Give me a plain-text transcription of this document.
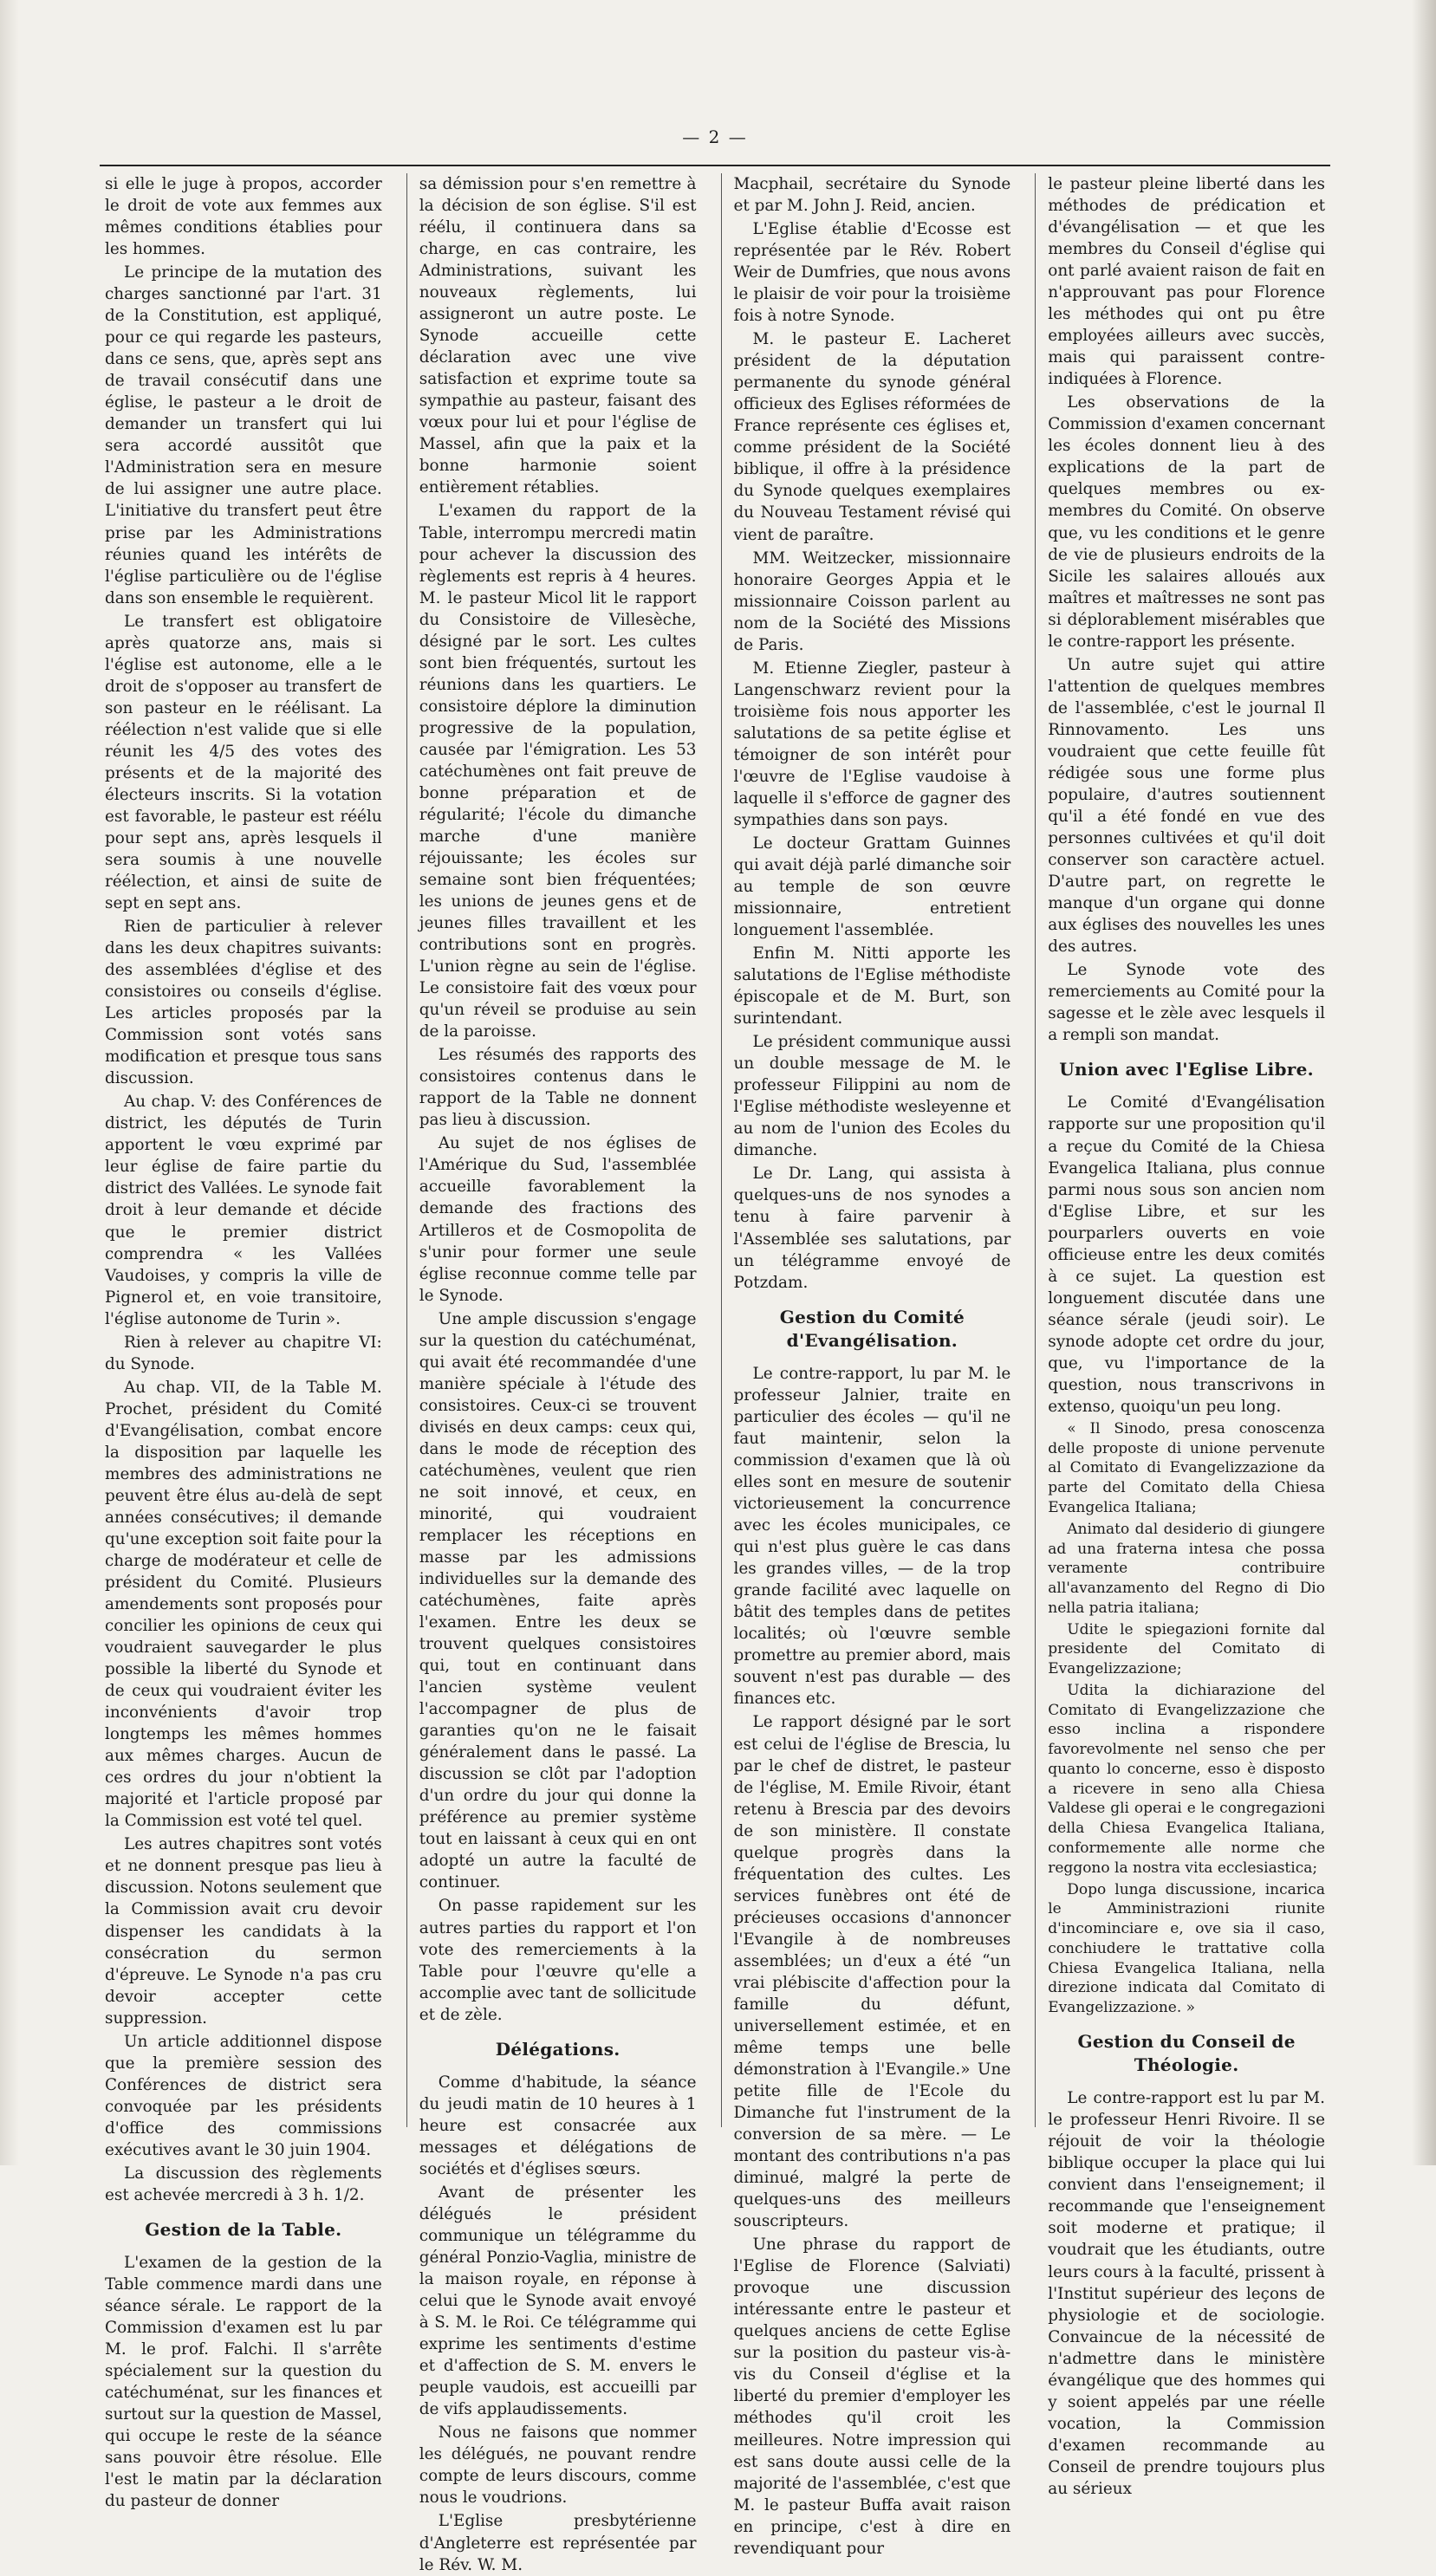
— 2 —

si elle le juge à propos, accorder le droit de vote aux femmes aux mêmes conditions établies pour les hommes.

Le principe de la mutation des charges sanctionné par l'art. 31 de la Constitution, est appliqué, pour ce qui regarde les pasteurs, dans ce sens, que, après sept ans de travail consécutif dans une église, le pasteur a le droit de demander un transfert qui lui sera accordé aussitôt que l'Administration sera en mesure de lui assigner une autre place. L'initiative du transfert peut être prise par les Administrations réunies quand les intérêts de l'église particulière ou de l'église dans son ensemble le requièrent.

Le transfert est obligatoire après quatorze ans, mais si l'église est autonome, elle a le droit de s'opposer au transfert de son pasteur en le réélisant. La réélection n'est valide que si elle réunit les 4/5 des votes des présents et de la majorité des électeurs inscrits. Si la votation est favorable, le pasteur est réélu pour sept ans, après lesquels il sera soumis à une nouvelle réélection, et ainsi de suite de sept en sept ans.

Rien de particulier à relever dans les deux chapitres suivants: des assemblées d'église et des consistoires ou conseils d'église. Les articles proposés par la Commission sont votés sans modification et presque tous sans discussion.

Au chap. V: des Conférences de district, les députés de Turin apportent le vœu exprimé par leur église de faire partie du district des Vallées. Le synode fait droit à leur demande et décide que le premier district comprendra « les Vallées Vaudoises, y compris la ville de Pignerol et, en voie transitoire, l'église autonome de Turin ».

Rien à relever au chapitre VI: du Synode.

Au chap. VII, de la Table M. Prochet, président du Comité d'Evangélisation, combat encore la disposition par laquelle les membres des administrations ne peuvent être élus au-delà de sept années consécutives; il demande qu'une exception soit faite pour la charge de modérateur et celle de président du Comité. Plusieurs amendements sont proposés pour concilier les opinions de ceux qui voudraient sauvegarder le plus possible la liberté du Synode et de ceux qui voudraient éviter les inconvénients d'avoir trop longtemps les mêmes hommes aux mêmes charges. Aucun de ces ordres du jour n'obtient la majorité et l'article proposé par la Commission est voté tel quel.

Les autres chapitres sont votés et ne donnent presque pas lieu à discussion. Notons seulement que la Commission avait cru devoir dispenser les candidats à la consécration du sermon d'épreuve. Le Synode n'a pas cru devoir accepter cette suppression.

Un article additionnel dispose que la première session des Conférences de district sera convoquée par les présidents d'office des commissions exécutives avant le 30 juin 1904.

La discussion des règlements est achevée mercredi à 3 h. 1/2.

Gestion de la Table.

L'examen de la gestion de la Table commence mardi dans une séance sérale. Le rapport de la Commission d'examen est lu par M. le prof. Falchi. Il s'arrête spécialement sur la question du catéchuménat, sur les finances et surtout sur la question de Massel, qui occupe le reste de la séance sans pouvoir être résolue. Elle l'est le matin par la déclaration du pasteur de donner

sa démission pour s'en remettre à la décision de son église. S'il est réélu, il continuera dans sa charge, en cas contraire, les Administrations, suivant les nouveaux règlements, lui assigneront un autre poste. Le Synode accueille cette déclaration avec une vive satisfaction et exprime toute sa sympathie au pasteur, faisant des vœux pour lui et pour l'église de Massel, afin que la paix et la bonne harmonie soient entièrement rétablies.

L'examen du rapport de la Table, interrompu mercredi matin pour achever la discussion des règlements est repris à 4 heures. M. le pasteur Micol lit le rapport du Consistoire de Villesèche, désigné par le sort. Les cultes sont bien fréquentés, surtout les réunions dans les quartiers. Le consistoire déplore la diminution progressive de la population, causée par l'émigration. Les 53 catéchumènes ont fait preuve de bonne préparation et de régularité; l'école du dimanche marche d'une manière réjouissante; les écoles sur semaine sont bien fréquentées; les unions de jeunes gens et de jeunes filles travaillent et les contributions sont en progrès. L'union règne au sein de l'église. Le consistoire fait des vœux pour qu'un réveil se produise au sein de la paroisse.

Les résumés des rapports des consistoires contenus dans le rapport de la Table ne donnent pas lieu à discussion.

Au sujet de nos églises de l'Amérique du Sud, l'assemblée accueille favorablement la demande des fractions des Artilleros et de Cosmopolita de s'unir pour former une seule église reconnue comme telle par le Synode.

Une ample discussion s'engage sur la question du catéchuménat, qui avait été recommandée d'une manière spéciale à l'étude des consistoires. Ceux-ci se trouvent divisés en deux camps: ceux qui, dans le mode de réception des catéchumènes, veulent que rien ne soit innové, et ceux, en minorité, qui voudraient remplacer les réceptions en masse par les admissions individuelles sur la demande des catéchumènes, faite après l'examen. Entre les deux se trouvent quelques consistoires qui, tout en continuant dans l'ancien système veulent l'accompagner de plus de garanties qu'on ne le faisait généralement dans le passé. La discussion se clôt par l'adoption d'un ordre du jour qui donne la préférence au premier système tout en laissant à ceux qui en ont adopté un autre la faculté de continuer.

On passe rapidement sur les autres parties du rapport et l'on vote des remerciements à la Table pour l'œuvre qu'elle a accomplie avec tant de sollicitude et de zèle.

Délégations.

Comme d'habitude, la séance du jeudi matin de 10 heures à 1 heure est consacrée aux messages et délégations de sociétés et d'églises sœurs.

Avant de présenter les délégués le président communique un télégramme du général Ponzio-Vaglia, ministre de la maison royale, en réponse à celui que le Synode avait envoyé à S. M. le Roi. Ce télégramme qui exprime les sentiments d'estime et d'affection de S. M. envers le peuple vaudois, est accueilli par de vifs applaudissements.

Nous ne faisons que nommer les délégués, ne pouvant rendre compte de leurs discours, comme nous le voudrions.

L'Eglise presbytérienne d'Angleterre est représentée par le Rév. W. M.

Macphail, secrétaire du Synode et par M. John J. Reid, ancien.

L'Eglise établie d'Ecosse est représentée par le Rév. Robert Weir de Dumfries, que nous avons le plaisir de voir pour la troisième fois à notre Synode.

M. le pasteur E. Lacheret président de la députation permanente du synode général officieux des Eglises réformées de France représente ces églises et, comme président de la Société biblique, il offre à la présidence du Synode quelques exemplaires du Nouveau Testament révisé qui vient de paraître.

MM. Weitzecker, missionnaire honoraire Georges Appia et le missionnaire Coisson parlent au nom de la Société des Missions de Paris.

M. Etienne Ziegler, pasteur à Langenschwarz revient pour la troisième fois nous apporter les salutations de sa petite église et témoigner de son intérêt pour l'œuvre de l'Eglise vaudoise à laquelle il s'efforce de gagner des sympathies dans son pays.

Le docteur Grattam Guinnes qui avait déjà parlé dimanche soir au temple de son œuvre missionnaire, entretient longuement l'assemblée.

Enfin M. Nitti apporte les salutations de l'Eglise méthodiste épiscopale et de M. Burt, son surintendant.

Le président communique aussi un double message de M. le professeur Filippini au nom de l'Eglise méthodiste wesleyenne et au nom de l'union des Ecoles du dimanche.

Le Dr. Lang, qui assista à quelques-uns de nos synodes a tenu à faire parvenir à l'Assemblée ses salutations, par un télégramme envoyé de Potzdam.

Gestion du Comité d'Evangélisation.

Le contre-rapport, lu par M. le professeur Jalnier, traite en particulier des écoles — qu'il ne faut maintenir, selon la commission d'examen que là où elles sont en mesure de soutenir victorieusement la concurrence avec les écoles municipales, ce qui n'est plus guère le cas dans les grandes villes, — de la trop grande facilité avec laquelle on bâtit des temples dans de petites localités; où l'œuvre semble promettre au premier abord, mais souvent n'est pas durable — des finances etc.

Le rapport désigné par le sort est celui de l'église de Brescia, lu par le chef de distret, le pasteur de l'église, M. Emile Rivoir, étant retenu à Brescia par des devoirs de son ministère. Il constate quelque progrès dans la fréquentation des cultes. Les services funèbres ont été de précieuses occasions d'annoncer l'Evangile à de nombreuses assemblées; un d'eux a été “un vrai plébiscite d'affection pour la famille du défunt, universellement estimée, et en même temps une belle démonstration à l'Evangile.» Une petite fille de l'Ecole du Dimanche fut l'instrument de la conversion de sa mère. — Le montant des contributions n'a pas diminué, malgré la perte de quelques-uns des meilleurs souscripteurs.

Une phrase du rapport de l'Eglise de Florence (Salviati) provoque une discussion intéressante entre le pasteur et quelques anciens de cette Eglise sur la position du pasteur vis-à-vis du Conseil d'église et la liberté du premier d'employer les méthodes qu'il croit les meilleures. Notre impression qui est sans doute aussi celle de la majorité de l'assemblée, c'est que M. le pasteur Buffa avait raison en principe, c'est à dire en revendiquant pour

le pasteur pleine liberté dans les méthodes de prédication et d'évangélisation — et que les membres du Conseil d'église qui ont parlé avaient raison de fait en n'approuvant pas pour Florence les méthodes qui ont pu être employées ailleurs avec succès, mais qui paraissent contre-indiquées à Florence.

Les observations de la Commission d'examen concernant les écoles donnent lieu à des explications de la part de quelques membres ou ex-membres du Comité. On observe que, vu les conditions et le genre de vie de plusieurs endroits de la Sicile les salaires alloués aux maîtres et maîtresses ne sont pas si déplorablement misérables que le contre-rapport les présente.

Un autre sujet qui attire l'attention de quelques membres de l'assemblée, c'est le journal Il Rinnovamento. Les uns voudraient que cette feuille fût rédigée sous une forme plus populaire, d'autres soutiennent qu'il a été fondé en vue des personnes cultivées et qu'il doit conserver son caractère actuel. D'autre part, on regrette le manque d'un organe qui donne aux églises des nouvelles les unes des autres.

Le Synode vote des remerciements au Comité pour la sagesse et le zèle avec lesquels il a rempli son mandat.

Union avec l'Eglise Libre.

Le Comité d'Evangélisation rapporte sur une proposition qu'il a reçue du Comité de la Chiesa Evangelica Italiana, plus connue parmi nous sous son ancien nom d'Eglise Libre, et sur les pourparlers ouverts en voie officieuse entre les deux comités à ce sujet. La question est longuement discutée dans une séance sérale (jeudi soir). Le synode adopte cet ordre du jour, que, vu l'importance de la question, nous transcrivons in extenso, quoiqu'un peu long.

« Il Sinodo, presa conoscenza delle proposte di unione pervenute al Comitato di Evangelizzazione da parte del Comitato della Chiesa Evangelica Italiana;

Animato dal desiderio di giungere ad una fraterna intesa che possa veramente contribuire all'avanzamento del Regno di Dio nella patria italiana;

Udite le spiegazioni fornite dal presidente del Comitato di Evangelizzazione;

Udita la dichiarazione del Comitato di Evangelizzazione che esso inclina a rispondere favorevolmente nel senso che per quanto lo concerne, esso è disposto a ricevere in seno alla Chiesa Valdese gli operai e le congregazioni della Chiesa Evangelica Italiana, conformemente alle norme che reggono la nostra vita ecclesiastica;

Dopo lunga discussione, incarica le Amministrazioni riunite d'incominciare e, ove sia il caso, conchiudere le trattative colla Chiesa Evangelica Italiana, nella direzione indicata dal Comitato di Evangelizzazione. »

Gestion du Conseil de Théologie.

Le contre-rapport est lu par M. le professeur Henri Rivoire. Il se réjouit de voir la théologie biblique occuper la place qui lui convient dans l'enseignement; il recommande que l'enseignement soit moderne et pratique; il voudrait que les étudiants, outre leurs cours à la faculté, prissent à l'Institut supérieur des leçons de physiologie et de sociologie. Convaincue de la nécessité de n'admettre dans le ministère évangélique que des hommes qui y soient appelés par une réelle vocation, la Commission d'examen recommande au Conseil de prendre toujours plus au sérieux
